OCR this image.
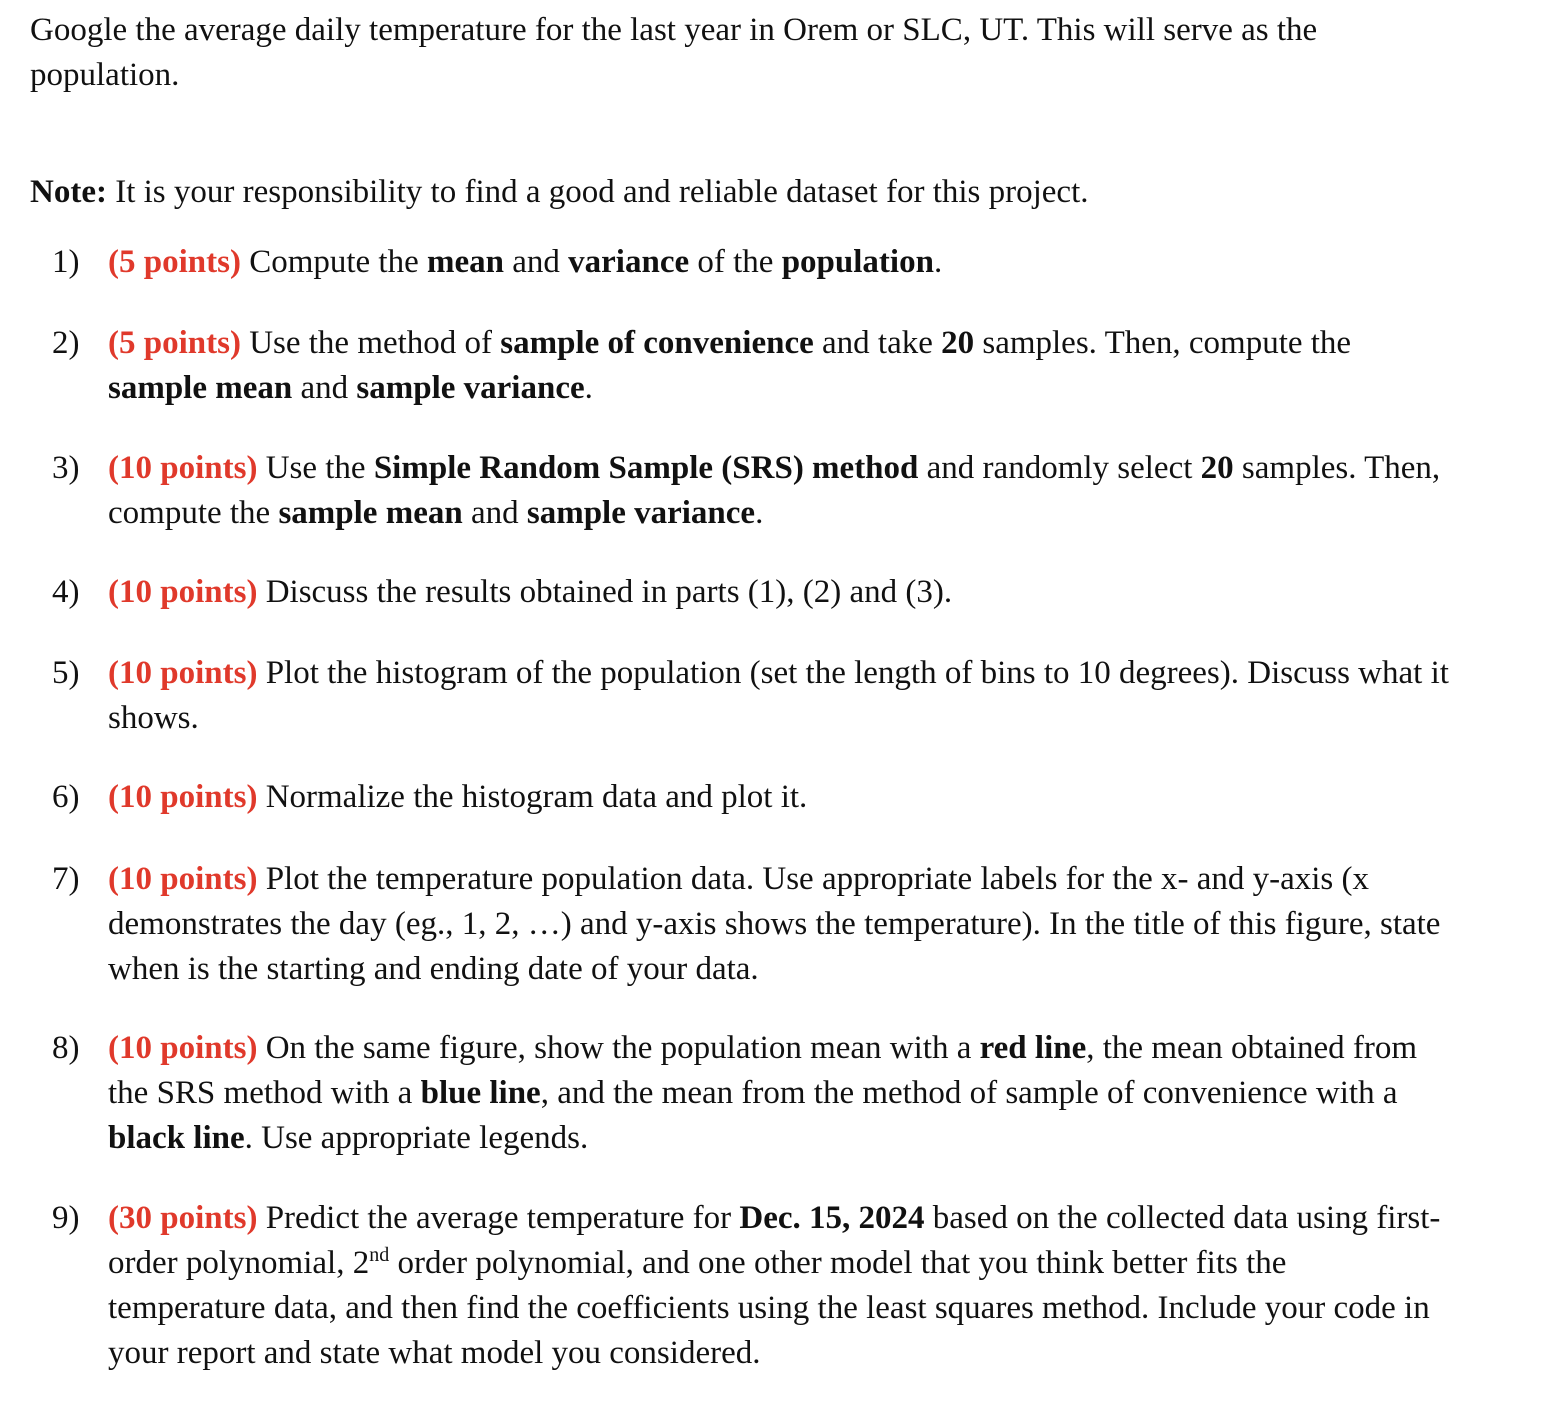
Google the average daily temperature for the last year in Orem or SLC, UT. This will serve as the population.

Note: It is your responsibility to find a good and reliable dataset for this project.

1) (5 points) Compute the mean and variance of the population.
2) (5 points) Use the method of sample of convenience and take 20 samples. Then, compute the sample mean and sample variance.
3) (10 points) Use the Simple Random Sample (SRS) method and randomly select 20 samples. Then, compute the sample mean and sample variance.
4) (10 points) Discuss the results obtained in parts (1), (2) and (3).
5) (10 points) Plot the histogram of the population (set the length of bins to 10 degrees). Discuss what it shows.
6) (10 points) Normalize the histogram data and plot it.
7) (10 points) Plot the temperature population data. Use appropriate labels for the x- and y-axis (x demonstrates the day (eg., 1, 2, …) and y-axis shows the temperature). In the title of this figure, state when is the starting and ending date of your data.
8) (10 points) On the same figure, show the population mean with a red line, the mean obtained from the SRS method with a blue line, and the mean from the method of sample of convenience with a black line. Use appropriate legends.
9) (30 points) Predict the average temperature for Dec. 15, 2024 based on the collected data using first-order polynomial, 2nd order polynomial, and one other model that you think better fits the temperature data, and then find the coefficients using the least squares method. Include your code in your report and state what model you considered.
